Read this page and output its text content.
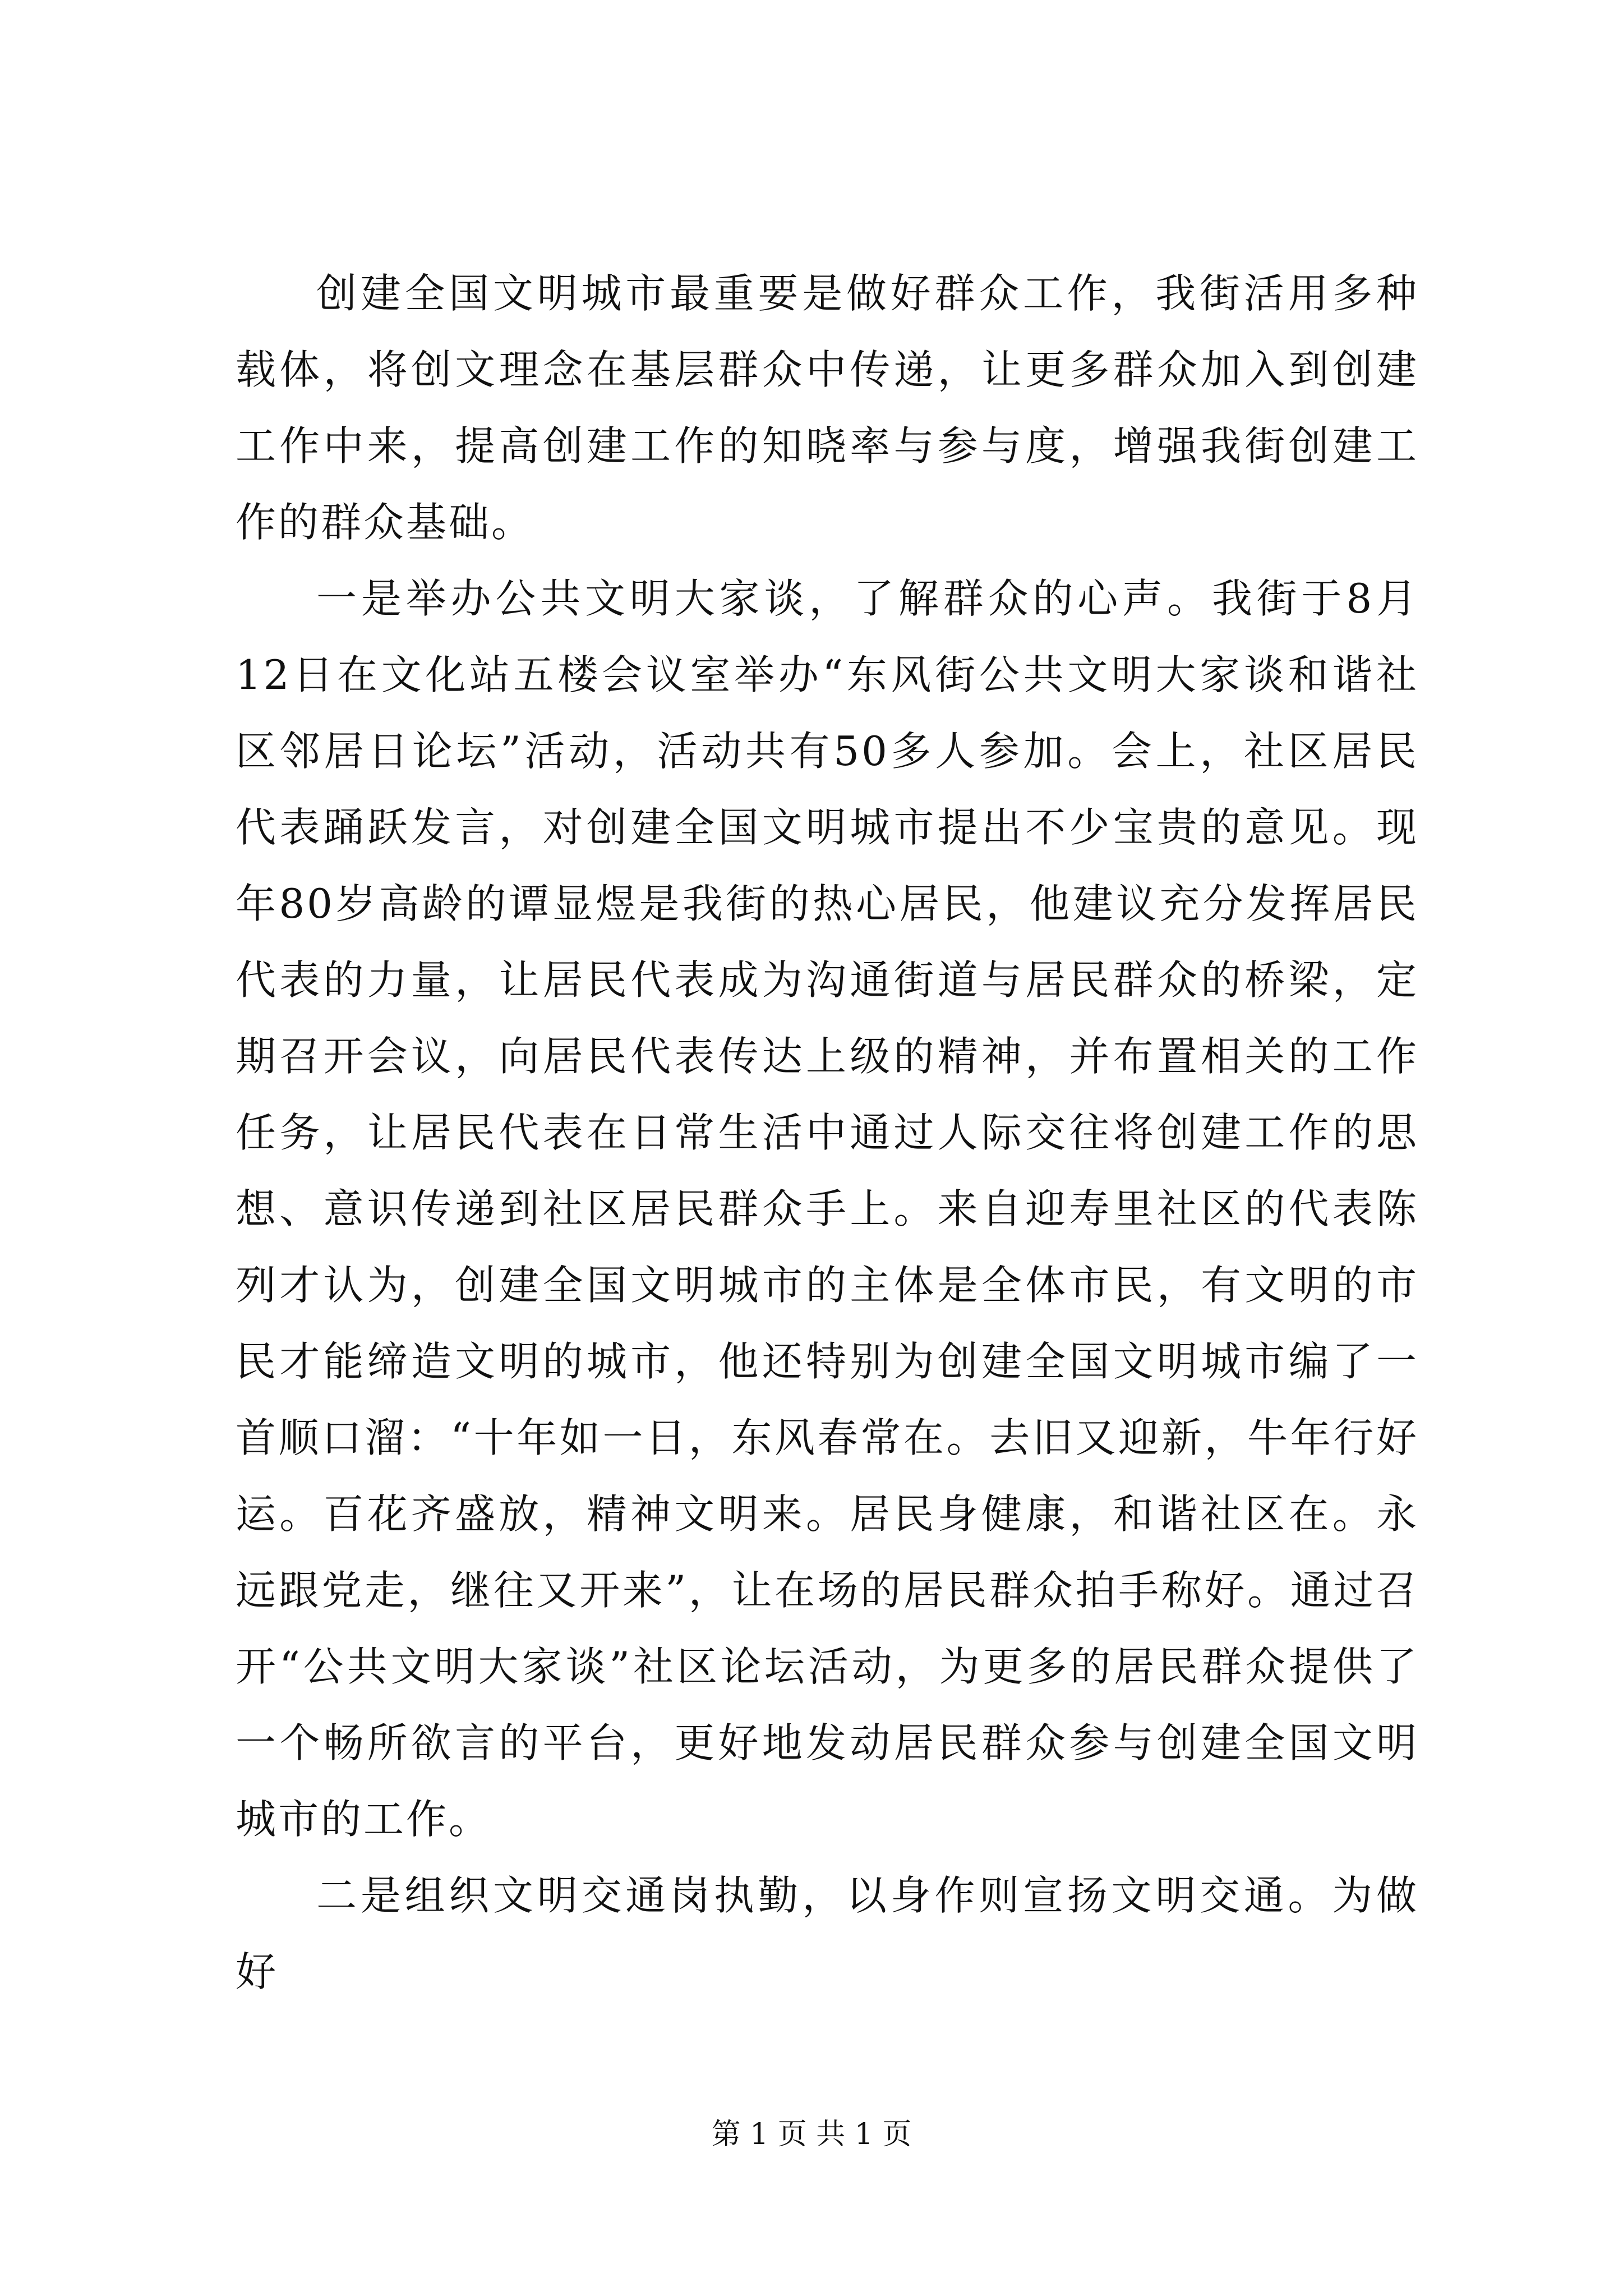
创建全国文明城市最重要是做好群众工作，我街活用多种载体，将创文理念在基层群众中传递，让更多群众加入到创建工作中来，提高创建工作的知晓率与参与度，增强我街创建工作的群众基础。

一是举办公共文明大家谈，了解群众的心声。我街于8月12日在文化站五楼会议室举办“东风街公共文明大家谈和谐社区邻居日论坛”活动，活动共有50多人参加。会上，社区居民代表踊跃发言，对创建全国文明城市提出不少宝贵的意见。现年80岁高龄的谭显煜是我街的热心居民，他建议充分发挥居民代表的力量，让居民代表成为沟通街道与居民群众的桥梁，定期召开会议，向居民代表传达上级的精神，并布置相关的工作任务，让居民代表在日常生活中通过人际交往将创建工作的思想、意识传递到社区居民群众手上。来自迎寿里社区的代表陈列才认为，创建全国文明城市的主体是全体市民，有文明的市民才能缔造文明的城市，他还特别为创建全国文明城市编了一首顺口溜：“十年如一日，东风春常在。去旧又迎新，牛年行好运。百花齐盛放，精神文明来。居民身健康，和谐社区在。永远跟党走，继往又开来”，让在场的居民群众拍手称好。通过召开“公共文明大家谈”社区论坛活动，为更多的居民群众提供了一个畅所欲言的平台，更好地发动居民群众参与创建全国文明城市的工作。

二是组织文明交通岗执勤，以身作则宣扬文明交通。为做好

第 1 页 共 1 页
